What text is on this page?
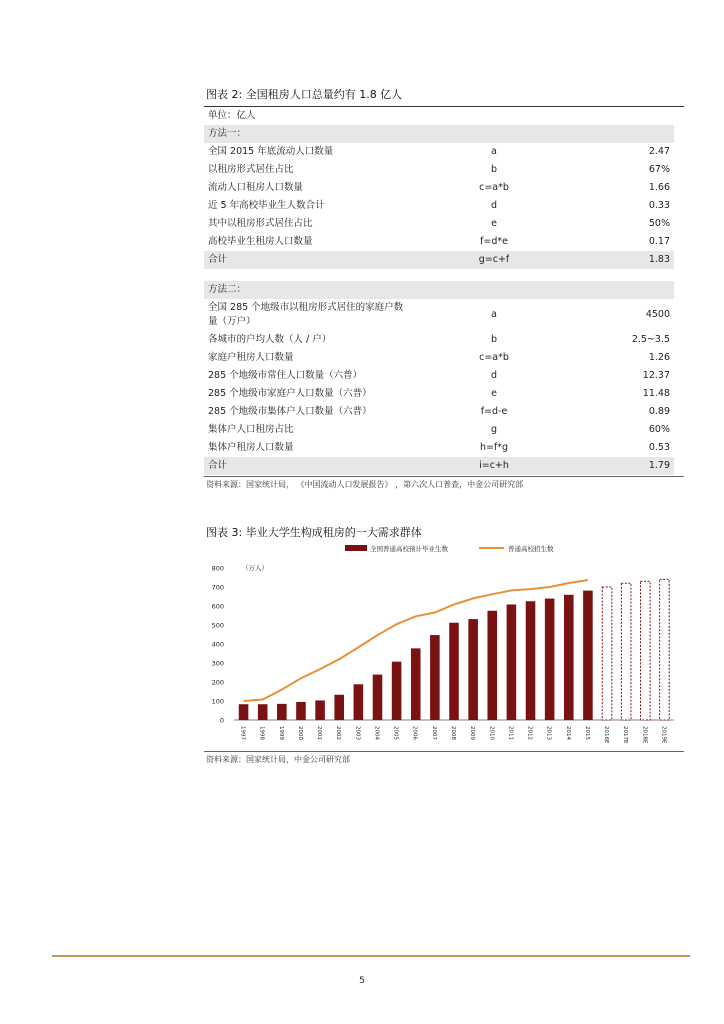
图表 2: 全国租房人口总量约有 1.8 亿人
单位：亿人
方法一：
全国 2015 年底流动人口数量	a	2.47
以租房形式居住占比	b	67%
流动人口租房人口数量	c=a*b	1.66
近 5 年高校毕业生人数合计	d	0.33
其中以租房形式居住占比	e	50%
高校毕业生租房人口数量	f=d*e	0.17
合计	g=c+f	1.83
方法二：
全国 285 个地级市以租房形式居住的家庭户数
量（万户）
a	4500
各城市的户均人数（人 / 户）	b	2.5~3.5
家庭户租房人口数量	c=a*b	1.26
285 个地级市常住人口数量（六普）	d	12.37
285 个地级市家庭户人口数量（六普）	e	11.48
285 个地级市集体户人口数量（六普）	f=d-e	0.89
集体户人口租房占比	g	60%
集体户租房人口数量	h=f*g	0.53
合计	i=c+h	1.79
资料来源：国家统计局， 《中国流动人口发展报告》 ，第六次人口普查，中金公司研究部
图表 3: 毕业大学生构成租房的一大需求群体
全国普通高校预计毕业生数	普通高校招生数
（万人）
0
100
200
300
400
500
600
700
800
1997 1998 1999 2000 2001 2002 2003 2004 2005 2006 2007 2008 2009 2010 2011 2012 2013 2014 2015 2016E 2017E 2018E 2019E
资料来源：国家统计局，中金公司研究部
5
